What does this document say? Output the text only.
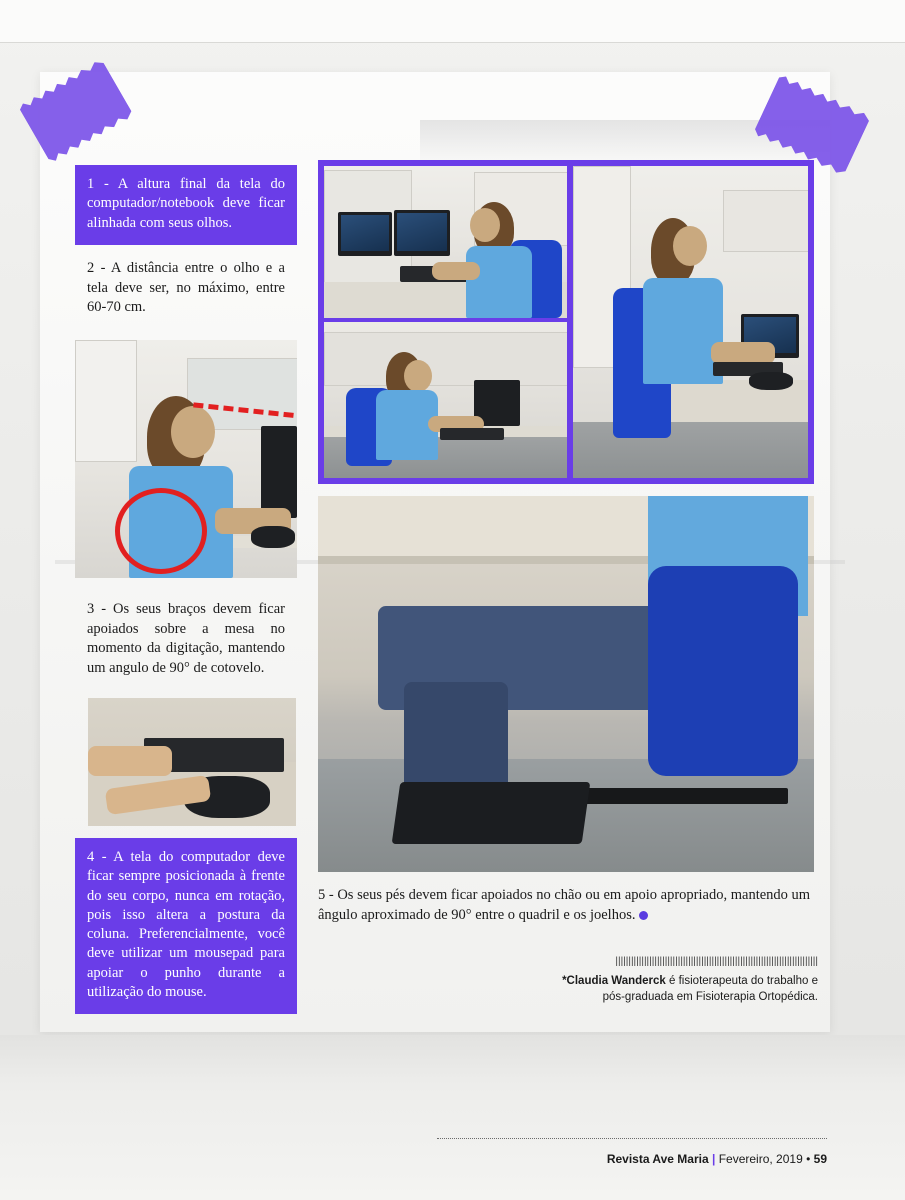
1 - A altura final da tela do computador/notebook deve ficar alinhada com seus olhos.
2 - A distância entre o olho e a tela deve ser, no máximo, entre 60-70 cm.
3 - Os seus braços devem ficar apoiados sobre a mesa no momento da digitação, mantendo um angulo de 90° de cotovelo.
4 - A tela do computador deve ficar sempre posicionada à frente do seu corpo, nunca em rotação, pois isso altera a postura da coluna. Preferencialmente, você deve utilizar um mousepad para apoiar o punho durante a utilização do mouse.
5 - Os seus pés devem ficar apoiados no chão ou em apoio apropriado, mantendo um ângulo aproximado de 90° entre o quadril e os joelhos.
||||||||||||||||||||||||||||||||||||||||||||||||||||||||||||||||||||||||||||||
*Claudia Wanderck é fisioterapeuta do trabalho e
pós-graduada em Fisioterapia Ortopédica.
Revista Ave Maria | Fevereiro, 2019 • 59
